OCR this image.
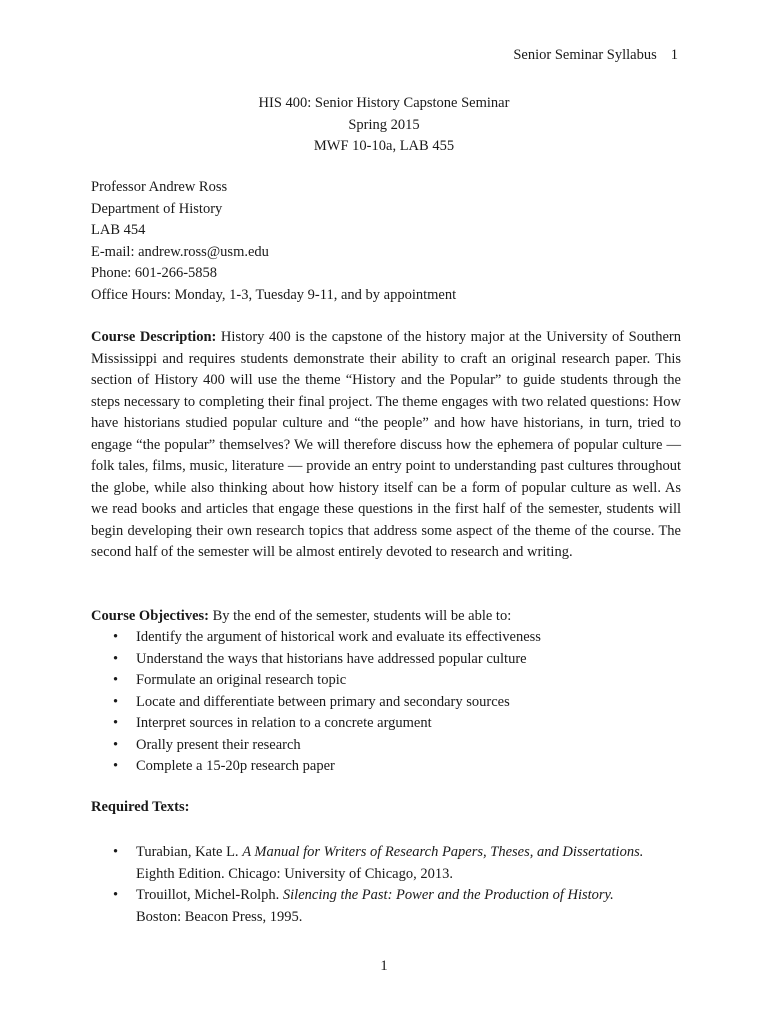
Senior Seminar Syllabus 1
HIS 400: Senior History Capstone Seminar
Spring 2015
MWF 10-10a, LAB 455
Professor Andrew Ross
Department of History
LAB 454
E-mail: andrew.ross@usm.edu
Phone: 601-266-5858
Office Hours: Monday, 1-3, Tuesday 9-11, and by appointment
Course Description: History 400 is the capstone of the history major at the University of Southern Mississippi and requires students demonstrate their ability to craft an original research paper. This section of History 400 will use the theme “History and the Popular” to guide students through the steps necessary to completing their final project. The theme engages with two related questions: How have historians studied popular culture and “the people” and how have historians, in turn, tried to engage “the popular” themselves? We will therefore discuss how the ephemera of popular culture — folk tales, films, music, literature — provide an entry point to understanding past cultures throughout the globe, while also thinking about how history itself can be a form of popular culture as well. As we read books and articles that engage these questions in the first half of the semester, students will begin developing their own research topics that address some aspect of the theme of the course. The second half of the semester will be almost entirely devoted to research and writing.
Course Objectives: By the end of the semester, students will be able to:
• Identify the argument of historical work and evaluate its effectiveness
• Understand the ways that historians have addressed popular culture
• Formulate an original research topic
• Locate and differentiate between primary and secondary sources
• Interpret sources in relation to a concrete argument
• Orally present their research
• Complete a 15-20p research paper
Required Texts:
• Turabian, Kate L. A Manual for Writers of Research Papers, Theses, and Dissertations.
Eighth Edition. Chicago: University of Chicago, 2013.
• Trouillot, Michel-Rolph. Silencing the Past: Power and the Production of History.
Boston: Beacon Press, 1995.
1
